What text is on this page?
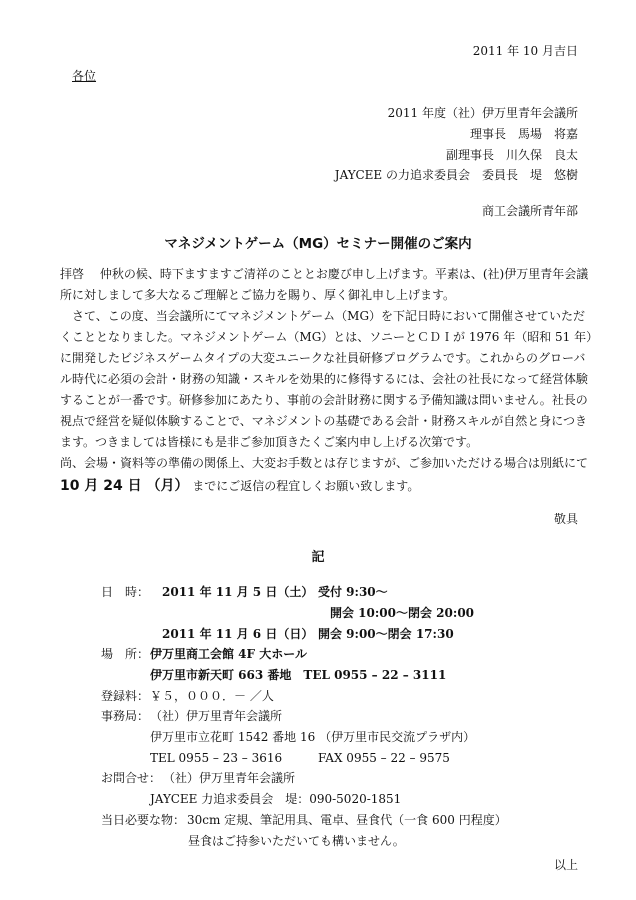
2011 年 10 月吉日
各位
2011 年度（社）伊万里青年会議所
理事長　馬場　将嘉
副理事長　川久保　良太
JAYCEE の力追求委員会　委員長　堤　悠樹
商工会議所青年部
マネジメントゲーム（MG）セミナー開催のご案内
拝啓　 仲秋の候、時下ますますご清祥のこととお慶び申し上げます。平素は、(社)伊万里青年会議
所に対しまして多大なるご理解とご協力を賜り、厚く御礼申し上げます。
　さて、この度、当会議所にてマネジメントゲーム（MG）を下記日時において開催させていただ
くこととなりました。マネジメントゲーム（MG）とは、ソニーとＣＤＩが 1976 年（昭和 51 年）
に開発したビジネスゲームタイプの大変ユニークな社員研修プログラムです。これからのグローバ
ル時代に必須の会計・財務の知識・スキルを効果的に修得するには、会社の社長になって経営体験
することが一番です。研修参加にあたり、事前の会計財務に関する予備知識は問いません。社長の
視点で経営を疑似体験することで、マネジメントの基礎である会計・財務スキルが自然と身につき
ます。つきましては皆様にも是非ご参加頂きたくご案内申し上げる次第です。
尚、会場・資料等の準備の関係上、大変お手数とは存じますが、ご参加いただける場合は別紙にて
10 月 24 日 （月） までにご返信の程宜しくお願い致します。
敬具
記
日　時： 2011 年 11 月 5 日（土） 受付 9:30～
開会 10:00～閉会 20:00
2011 年 11 月 6 日（日） 開会 9:00～閉会 17:30
場　所： 伊万里商工会館 4F 大ホール
伊万里市新天町 663 番地　TEL 0955 – 22 – 3111
登録料： ￥５，０００．－ ／人
事務局： （社）伊万里青年会議所
伊万里市立花町 1542 番地 16 （伊万里市民交流プラザ内）
TEL 0955 – 23 – 3616	FAX 0955 – 22 – 9575
お問合せ： （社）伊万里青年会議所
JAYCEE 力追求委員会　堤：090-5020-1851
当日必要な物： 30cm 定規、筆記用具、電卓、昼食代（一食 600 円程度）
昼食はご持参いただいても構いません。
以上
